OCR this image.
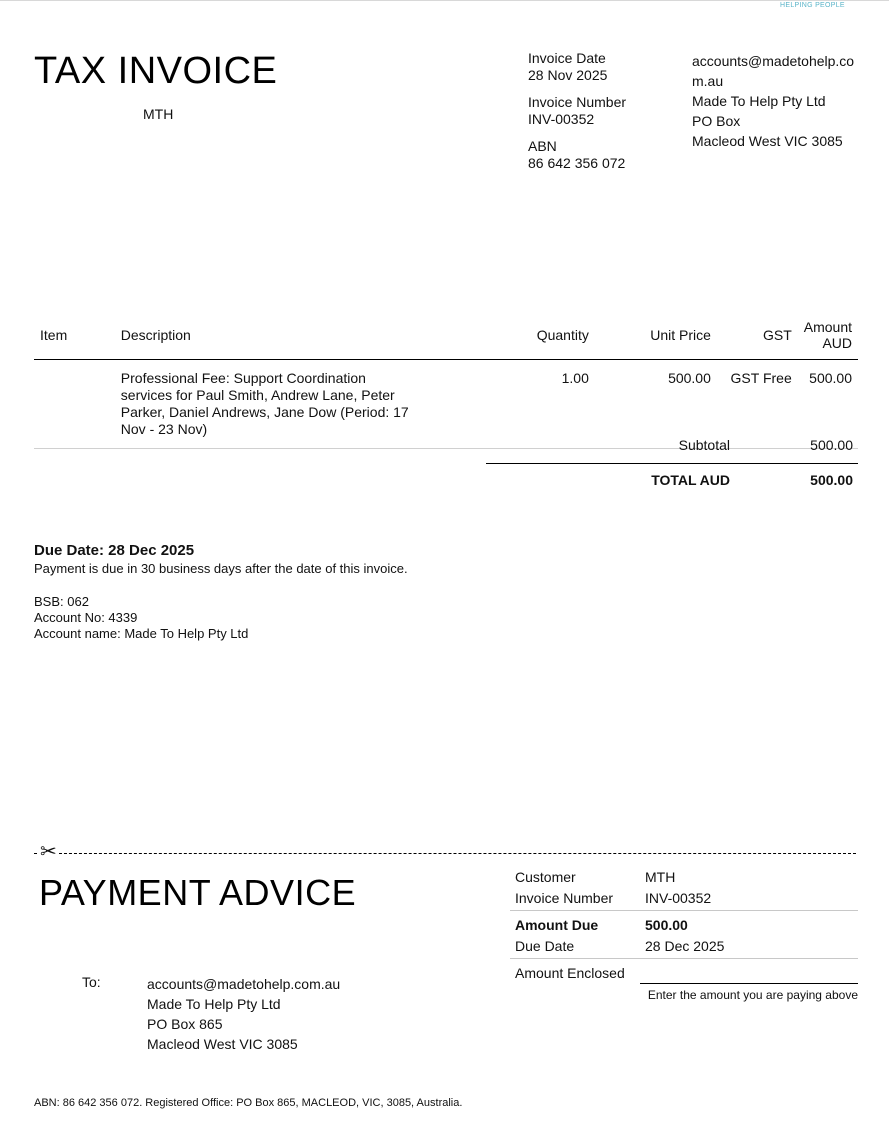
HELPING PEOPLE
TAX INVOICE
MTH
Invoice Date
28 Nov 2025
Invoice Number
INV-00352
ABN
86 642 356 072
accounts@madetohelp.com.au
Made To Help Pty Ltd
PO Box
Macleod West VIC 3085
Item	Description	Quantity	Unit Price	GST	Amount AUD
	Professional Fee: Support Coordination services for Paul Smith, Andrew Lane, Peter Parker, Daniel Andrews, Jane Dow (Period: 17 Nov - 23 Nov)	1.00	500.00	GST Free	500.00
Subtotal	500.00
TOTAL AUD	500.00
Due Date: 28 Dec 2025
Payment is due in 30 business days after the date of this invoice.
BSB: 062
Account No: 4339
Account name: Made To Help Pty Ltd
✂
PAYMENT ADVICE	Customer	MTH
Invoice Number INV-00352
Amount Due	500.00
Due Date	28 Dec 2025
Amount Enclosed
Enter the amount you are paying above
To:	accounts@madetohelp.com.au
Made To Help Pty Ltd
PO Box 865
Macleod West VIC 3085
ABN: 86 642 356 072. Registered Office: PO Box 865, MACLEOD, VIC, 3085, Australia.
